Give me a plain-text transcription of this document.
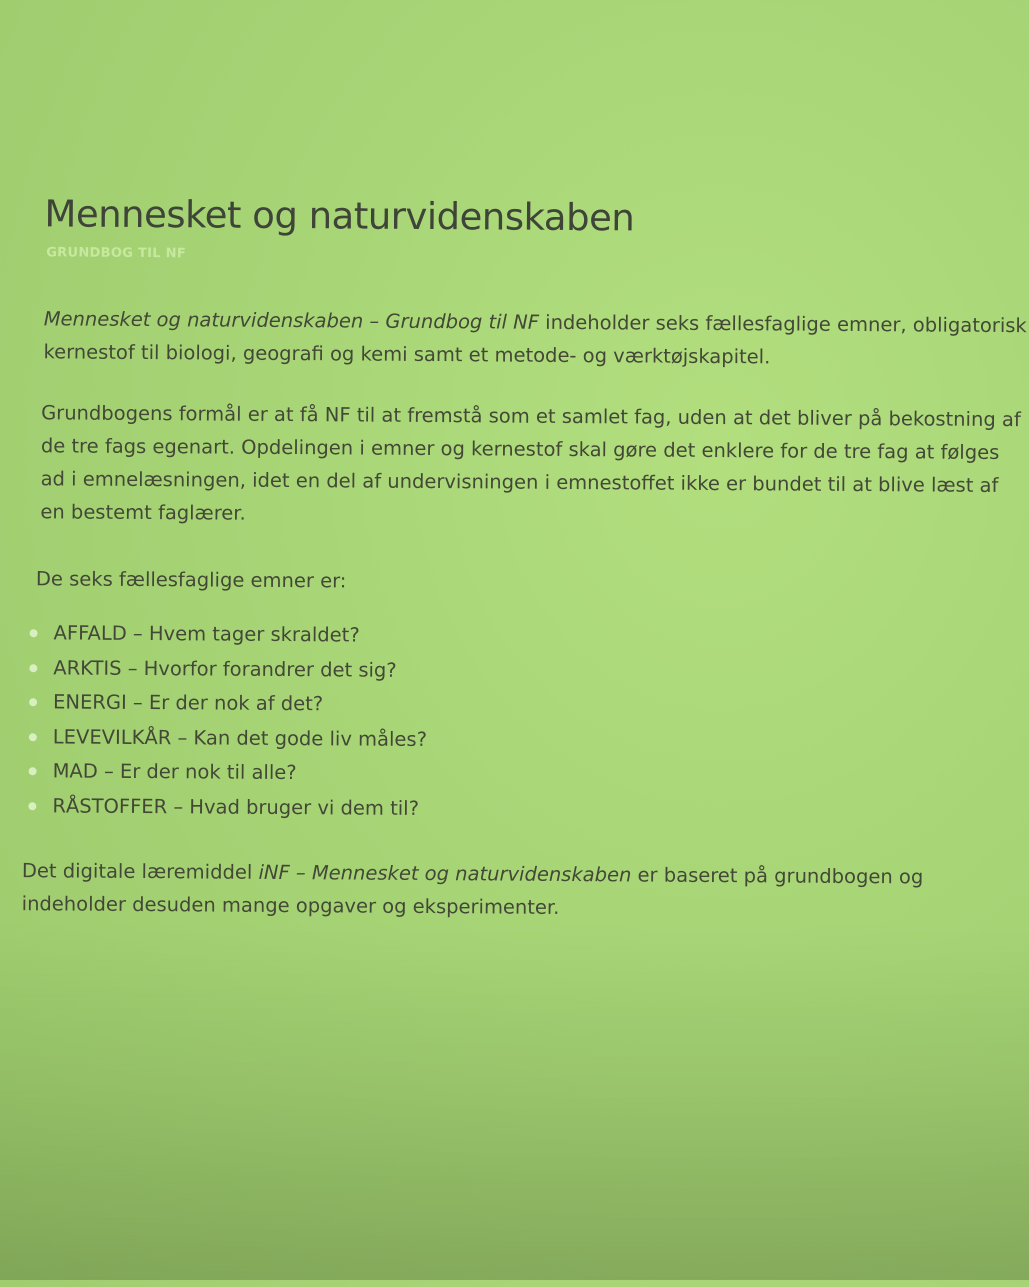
Mennesket og naturvidenskaben
GRUNDBOG TIL NF

Mennesket og naturvidenskaben – Grundbog til NF indeholder seks fællesfaglige emner, obligatorisk
kernestof til biologi, geografi og kemi samt et metode- og værktøjskapitel.

Grundbogens formål er at få NF til at fremstå som et samlet fag, uden at det bliver på bekostning af
de tre fags egenart. Opdelingen i emner og kernestof skal gøre det enklere for de tre fag at følges
ad i emnelæsningen, idet en del af undervisningen i emnestoffet ikke er bundet til at blive læst af
en bestemt faglærer.

De seks fællesfaglige emner er:

AFFALD – Hvem tager skraldet?
ARKTIS – Hvorfor forandrer det sig?
ENERGI – Er der nok af det?
LEVEVILKÅR – Kan det gode liv måles?
MAD – Er der nok til alle?
RÅSTOFFER – Hvad bruger vi dem til?

Det digitale læremiddel iNF – Mennesket og naturvidenskaben er baseret på grundbogen og
indeholder desuden mange opgaver og eksperimenter.
